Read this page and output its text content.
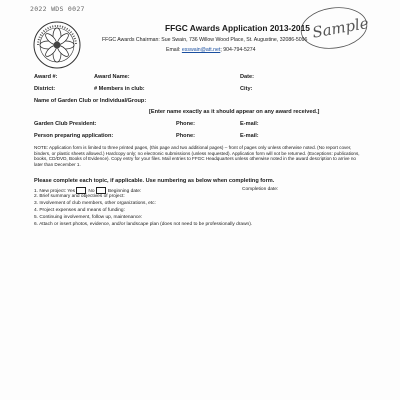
2022 WDS 0027
Sample
FFGC Awards Application 2013-2015
FFGC Awards Chairman: Sue Swain, 736 Willow Wood Place, St. Augustine, 32086-5096
Email: esswain@att.net; 904-794-5274
Award #:	Award Name:	Date:
District:	# Members in club:	City:
Name of Garden Club or Individual/Group:
[Enter name exactly as it should appear on any award received.]
Garden Club President:	Phone:	E-mail:
Person preparing application:	Phone:	E-mail:
NOTE: Application form is limited to three printed pages, (this page and two additional pages) – front of pages only unless otherwise noted. (No report cover, binders, or plastic sheets allowed.) Hardcopy only; no electronic submissions (unless requested). Application form will not be returned. (Exceptions: publications, books, CD/DVD, Books of Evidence). Copy entry for your files. Mail entries to FFGC Headquarters unless otherwise noted in the award description to arrive no later than December 1.
Please complete each topic, if applicable. Use numbering as below when completing form.
1. New project: Yes	No	Beginning date:	Completion date:
2. Brief summary and objectives of project:
3. Involvement of club members, other organizations, etc:
4. Project expenses and means of funding:
5. Continuing involvement, follow up, maintenance:
6. Attach or insert photos, evidence, and/or landscape plan (does not need to be professionally drawn).
